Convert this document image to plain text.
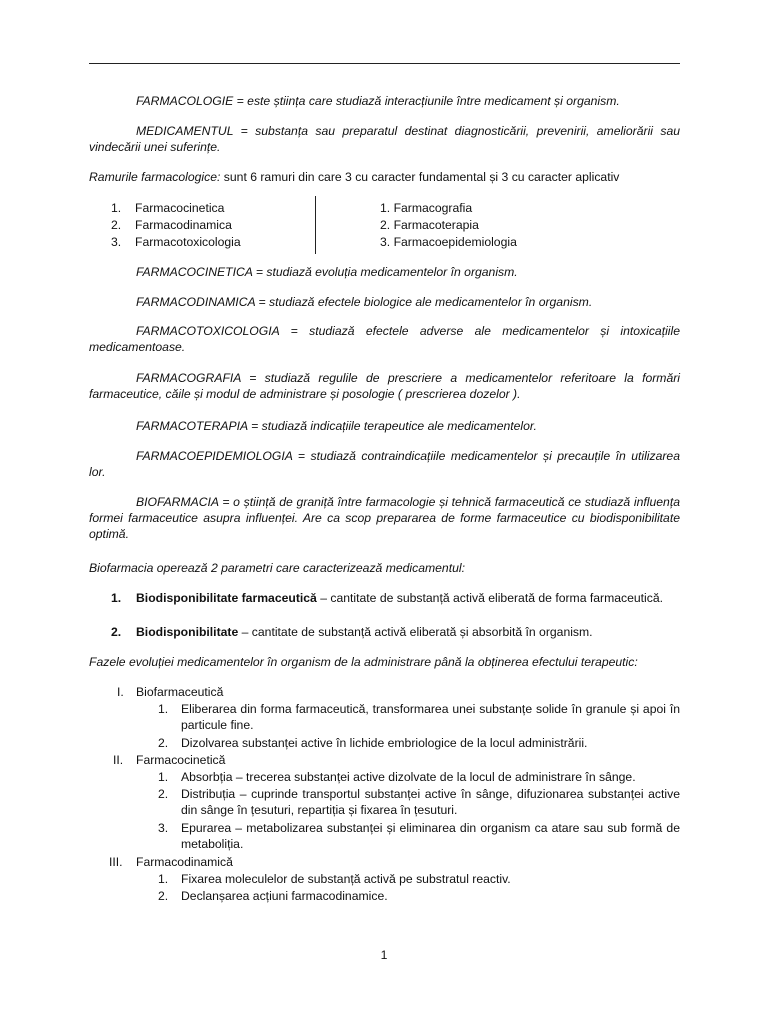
FARMACOLOGIE = este știința care studiază interacțiunile între medicament și organism.

MEDICAMENTUL = substanța sau preparatul destinat diagnosticării, prevenirii, ameliorării sau vindecării unei suferințe.

Ramurile farmacologice: sunt 6 ramuri din care 3 cu caracter fundamental și 3 cu caracter aplicativ

1. Farmacocinetica
2. Farmacodinamica
3. Farmacotoxicologia
1. Farmacografia
2. Farmacoterapia
3. Farmacoepidemiologia

FARMACOCINETICA = studiază evoluția medicamentelor în organism.

FARMACODINAMICA = studiază efectele biologice ale medicamentelor în organism.

FARMACOTOXICOLOGIA = studiază efectele adverse ale medicamentelor și intoxicațiile medicamentoase.

FARMACOGRAFIA = studiază regulile de prescriere a medicamentelor referitoare la formări farmaceutice, căile și modul de administrare și posologie ( prescrierea dozelor ).

FARMACOTERAPIA = studiază indicațiile terapeutice ale medicamentelor.

FARMACOEPIDEMIOLOGIA = studiază contraindicațiile medicamentelor și precauțile în utilizarea lor.

BIOFARMACIA = o știință de graniță între farmacologie și tehnică farmaceutică ce studiază influența formei farmaceutice asupra influenței. Are ca scop prepararea de forme farmaceutice cu biodisponibilitate optimă.

Biofarmacia operează 2 parametri care caracterizează medicamentul:

1. Biodisponibilitate farmaceutică – cantitate de substanță activă eliberată de forma farmaceutică.

2. Biodisponibilitate – cantitate de substanță activă eliberată și absorbită în organism.

Fazele evoluției medicamentelor în organism de la administrare până la obținerea efectului terapeutic:

I. Biofarmaceutică
1. Eliberarea din forma farmaceutică, transformarea unei substanțe solide în granule și apoi în particule fine.

2. Dizolvarea substanței active în lichide embriologice de la locul administrării.

II. Farmacocinetică
1. Absorbția – trecerea substanței active dizolvate de la locul de administrare în sânge.

2. Distribuția – cuprinde transportul substanței active în sânge, difuzionarea substanței active din sânge în țesuturi, repartiția și fixarea în țesuturi.

3. Epurarea – metabolizarea substanței și eliminarea din organism ca atare sau sub formă de metaboliția.

III. Farmacodinamică
1. Fixarea moleculelor de substanță activă pe substratul reactiv.

2. Declanșarea acțiuni farmacodinamice.

1
